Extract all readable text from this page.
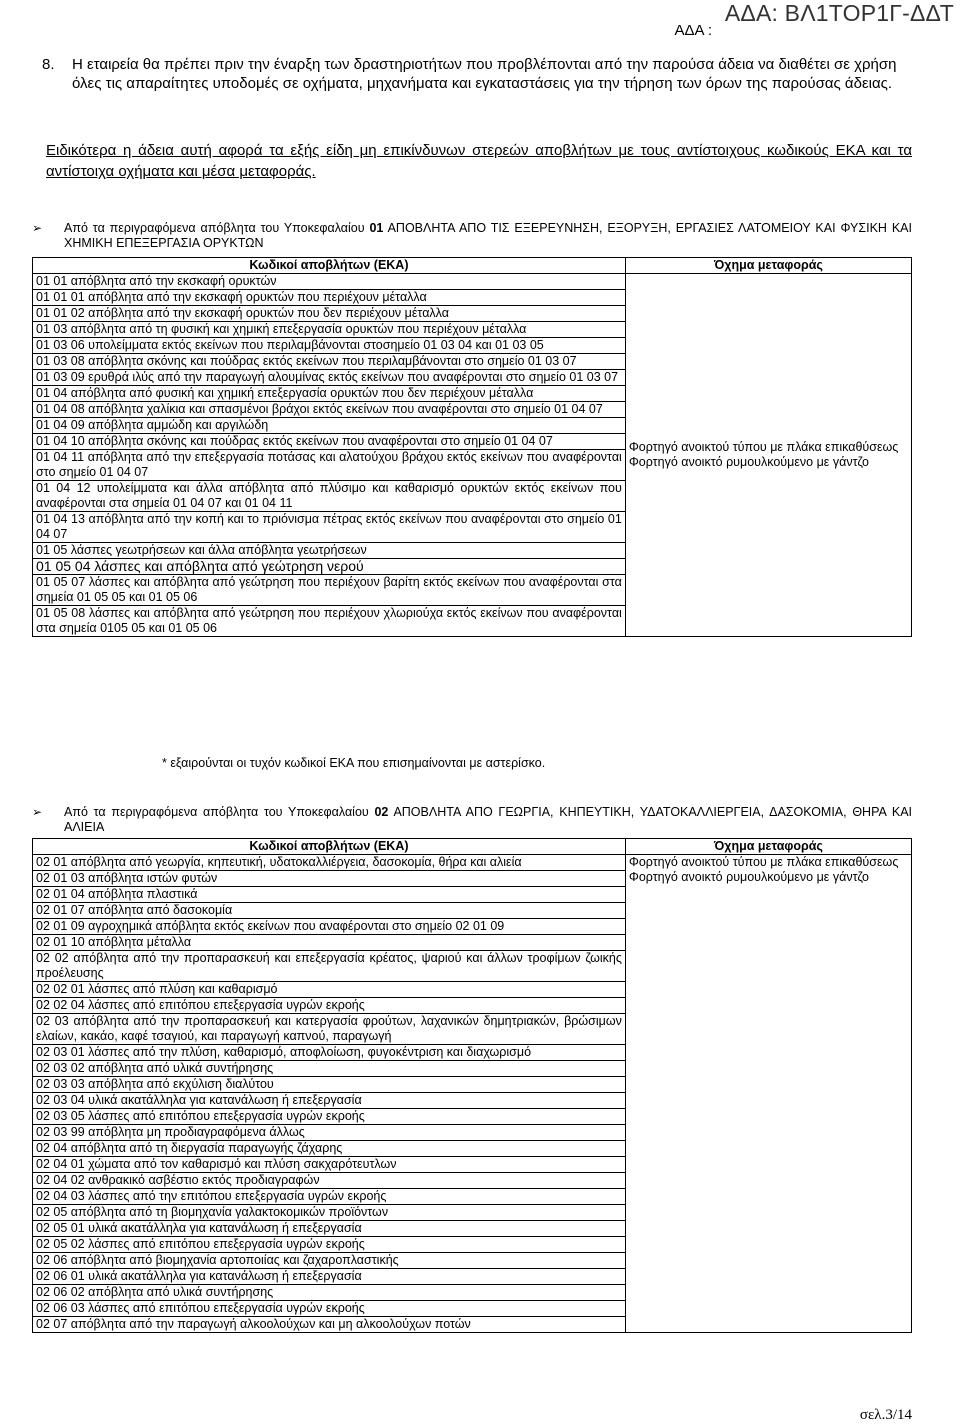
ΑΔΑ: ΒΛ1ΤΟΡ1Γ-ΔΔΤ
ΑΔΑ :
8.	Η εταιρεία θα πρέπει πριν την έναρξη των δραστηριοτήτων που προβλέπονται από την παρούσα άδεια να διαθέτει σε χρήση όλες τις απαραίτητες υποδομές σε οχήματα, μηχανήματα και εγκαταστάσεις για την τήρηση των όρων της παρούσας άδειας.
Ειδικότερα η άδεια αυτή αφορά τα εξής είδη μη επικίνδυνων στερεών αποβλήτων με τους αντίστοιχους κωδικούς ΕΚΑ και τα αντίστοιχα οχήματα και μέσα μεταφοράς.
➢	Από τα περιγραφόμενα απόβλητα του Υποκεφαλαίου 01 ΑΠΟΒΛΗΤΑ ΑΠΟ ΤΙΣ ΕΞΕΡΕΥΝΗΣΗ, ΕΞΟΡΥΞΗ, ΕΡΓΑΣΙΕΣ ΛΑΤΟΜΕΙΟΥ ΚΑΙ ΦΥΣΙΚΗ ΚΑΙ ΧΗΜΙΚΗ ΕΠΕΞΕΡΓΑΣΙΑ ΟΡΥΚΤΩΝ
Κωδικοί αποβλήτων (ΕΚΑ)	Όχημα μεταφοράς
01 01 απόβλητα από την εκσκαφή ορυκτών	Φορτηγό ανοικτού τύπου με πλάκα επικαθύσεως
Φορτηγό ανοικτό ρυμουλκούμενο με γάντζο

01 01 01 απόβλητα από την εκσκαφή ορυκτών που περιέχουν μέταλλα	
01 01 02 απόβλητα από την εκσκαφή ορυκτών που δεν περιέχουν μέταλλα	
01 03 απόβλητα από τη φυσική και χημική επεξεργασία ορυκτών που περιέχουν μέταλλα	
01 03 06 υπολείμματα εκτός εκείνων που περιλαμβάνονται στοσημείο 01 03 04 και 01 03 05	
01 03 08 απόβλητα σκόνης και πούδρας εκτός εκείνων που περιλαμβάνονται στο σημείο 01 03 07	
01 03 09 ερυθρά ιλύς από την παραγωγή αλουμίνας εκτός εκείνων που αναφέρονται στο σημείο 01 03 07	
01 04 απόβλητα από φυσική και χημική επεξεργασία ορυκτών που δεν περιέχουν μέταλλα	
01 04 08 απόβλητα χαλίκια και σπασμένοι βράχοι εκτός εκείνων που αναφέρονται στο σημείο 01 04 07	
01 04 09 απόβλητα αμμώδη και αργιλώδη	
01 04 10 απόβλητα σκόνης και πούδρας εκτός εκείνων που αναφέρονται στο σημείο 01 04 07	
01 04 11 απόβλητα από την επεξεργασία ποτάσας και αλατούχου βράχου εκτός εκείνων που αναφέρονται στο σημείο 01 04 07	
01 04 12 υπολείμματα και άλλα απόβλητα από πλύσιμο και καθαρισμό ορυκτών εκτός εκείνων που αναφέρονται στα σημεία 01 04 07 και 01 04 11	
01 04 13 απόβλητα από την κοπή και το πριόνισμα πέτρας εκτός εκείνων που αναφέρονται στο σημείο 01 04 07	
01 05 λάσπες γεωτρήσεων και άλλα απόβλητα γεωτρήσεων	
01 05 04 λάσπες και απόβλητα από γεώτρηση νερού	
01 05 07 λάσπες και απόβλητα από γεώτρηση που περιέχουν βαρίτη εκτός εκείνων που αναφέρονται στα σημεία 01 05 05 και 01 05 06	
01 05 08 λάσπες και απόβλητα από γεώτρηση που περιέχουν χλωριούχα εκτός εκείνων που αναφέρονται στα σημεία 0105 05 και 01 05 06	
* εξαιρούνται οι τυχόν κωδικοί ΕΚΑ που επισημαίνονται με αστερίσκο.
➢	Από τα περιγραφόμενα απόβλητα του Υποκεφαλαίου 02 ΑΠΟΒΛΗΤΑ ΑΠΟ ΓΕΩΡΓΙΑ, ΚΗΠΕΥΤΙΚΗ, ΥΔΑΤΟΚΑΛΛΙΕΡΓΕΙΑ, ΔΑΣΟΚΟΜΙΑ, ΘΗΡΑ ΚΑΙ ΑΛΙΕΙΑ
Κωδικοί αποβλήτων (ΕΚΑ)	Όχημα μεταφοράς
02 01 απόβλητα από γεωργία, κηπευτική, υδατοκαλλιέργεια, δασοκομία, θήρα και αλιεία	Φορτηγό ανοικτού τύπου με πλάκα επικαθύσεως
Φορτηγό ανοικτό ρυμουλκούμενο με γάντζο

02 01 03 απόβλητα ιστών φυτών	
02 01 04 απόβλητα πλαστικά	
02 01 07 απόβλητα από δασοκομία	
02 01 09 αγροχημικά απόβλητα εκτός εκείνων που αναφέρονται στο σημείο 02 01 09	
02 01 10 απόβλητα μέταλλα	
02 02 απόβλητα από την προπαρασκευή και επεξεργασία κρέατος, ψαριού και άλλων τροφίμων ζωικής προέλευσης	
02 02 01 λάσπες από πλύση και καθαρισμό	
02 02 04 λάσπες από επιτόπου επεξεργασία υγρών εκροής	
02 03 απόβλητα από την προπαρασκευή και κατεργασία φρούτων, λαχανικών δημητριακών, βρώσιμων ελαίων, κακάο, καφέ τσαγιού, και παραγωγή καπνού, παραγωγή	
02 03 01 λάσπες από την πλύση, καθαρισμό, αποφλοίωση, φυγοκέντριση και διαχωρισμό	
02 03 02 απόβλητα από υλικά συντήρησης	
02 03 03 απόβλητα από εκχύλιση διαλύτου	
02 03 04 υλικά ακατάλληλα για κατανάλωση ή επεξεργασία	
02 03 05 λάσπες από επιτόπου επεξεργασία υγρών εκροής	
02 03 99 απόβλητα μη προδιαγραφόμενα άλλως	
02 04 απόβλητα από τη διεργασία παραγωγής ζάχαρης	
02 04 01 χώματα από τον καθαρισμό και πλύση σακχαρότευτλων	
02 04 02 ανθρακικό ασβέστιο εκτός προδιαγραφών	
02 04 03 λάσπες από την επιτόπου επεξεργασία υγρών εκροής	
02 05 απόβλητα από τη βιομηχανία γαλακτοκομικών προϊόντων	
02 05 01 υλικά ακατάλληλα για κατανάλωση ή επεξεργασία	
02 05 02 λάσπες από επιτόπου επεξεργασία υγρών εκροής	
02 06 απόβλητα από βιομηχανία αρτοποιίας και ζαχαροπλαστικής	
02 06 01 υλικά ακατάλληλα για κατανάλωση ή επεξεργασία	
02 06 02 απόβλητα από υλικά συντήρησης	
02 06 03 λάσπες από επιτόπου επεξεργασία υγρών εκροής	
02 07 απόβλητα από την παραγωγή αλκοολούχων και μη αλκοολούχων ποτών	
σελ.3/14
